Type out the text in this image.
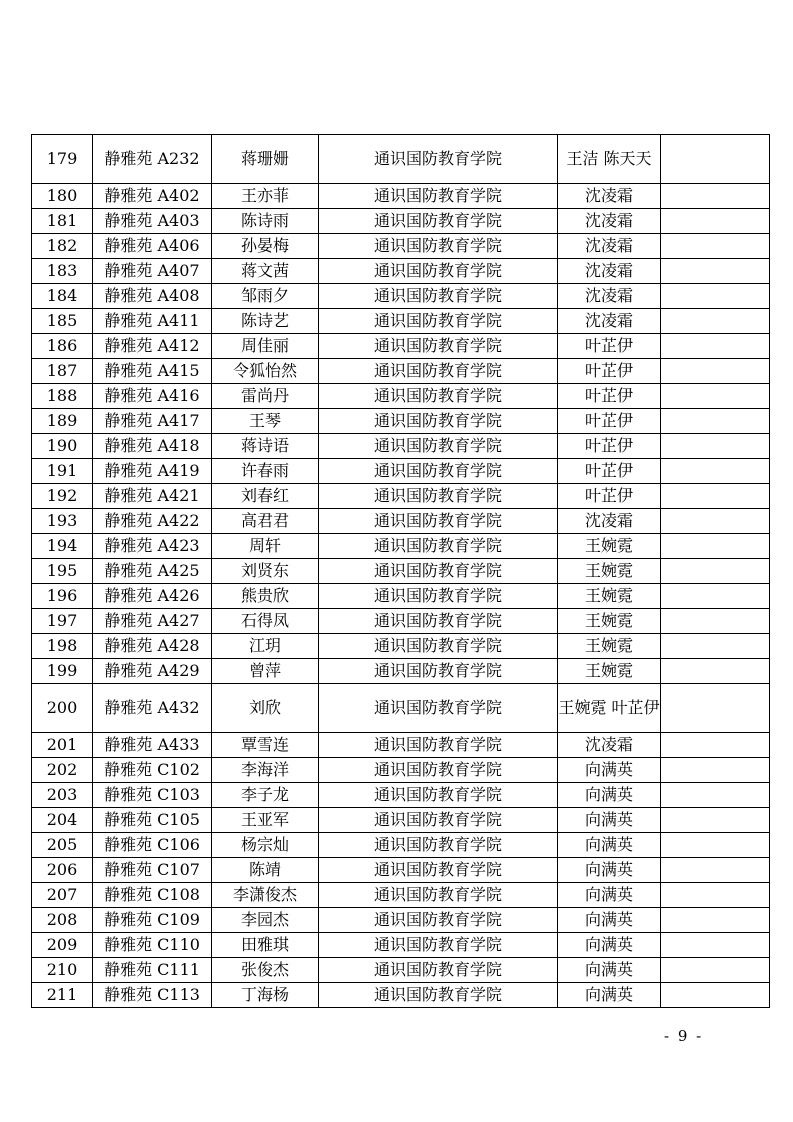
179	静雅苑 A232	蒋珊姗	通识国防教育学院	王洁 陈天天	
180	静雅苑 A402	王亦菲	通识国防教育学院	沈凌霜	
181	静雅苑 A403	陈诗雨	通识国防教育学院	沈凌霜	
182	静雅苑 A406	孙晏梅	通识国防教育学院	沈凌霜	
183	静雅苑 A407	蒋文茜	通识国防教育学院	沈凌霜	
184	静雅苑 A408	邹雨夕	通识国防教育学院	沈凌霜	
185	静雅苑 A411	陈诗艺	通识国防教育学院	沈凌霜	
186	静雅苑 A412	周佳丽	通识国防教育学院	叶芷伊	
187	静雅苑 A415	令狐怡然	通识国防教育学院	叶芷伊	
188	静雅苑 A416	雷尚丹	通识国防教育学院	叶芷伊	
189	静雅苑 A417	王琴	通识国防教育学院	叶芷伊	
190	静雅苑 A418	蒋诗语	通识国防教育学院	叶芷伊	
191	静雅苑 A419	许春雨	通识国防教育学院	叶芷伊	
192	静雅苑 A421	刘春红	通识国防教育学院	叶芷伊	
193	静雅苑 A422	高君君	通识国防教育学院	沈凌霜	
194	静雅苑 A423	周轩	通识国防教育学院	王婉霓	
195	静雅苑 A425	刘贤东	通识国防教育学院	王婉霓	
196	静雅苑 A426	熊贵欣	通识国防教育学院	王婉霓	
197	静雅苑 A427	石得凤	通识国防教育学院	王婉霓	
198	静雅苑 A428	江玥	通识国防教育学院	王婉霓	
199	静雅苑 A429	曾萍	通识国防教育学院	王婉霓	
200	静雅苑 A432	刘欣	通识国防教育学院	王婉霓 叶芷伊	
201	静雅苑 A433	覃雪连	通识国防教育学院	沈凌霜	
202	静雅苑 C102	李海洋	通识国防教育学院	向满英	
203	静雅苑 C103	李子龙	通识国防教育学院	向满英	
204	静雅苑 C105	王亚军	通识国防教育学院	向满英	
205	静雅苑 C106	杨宗灿	通识国防教育学院	向满英	
206	静雅苑 C107	陈靖	通识国防教育学院	向满英	
207	静雅苑 C108	李潇俊杰	通识国防教育学院	向满英	
208	静雅苑 C109	李园杰	通识国防教育学院	向满英	
209	静雅苑 C110	田雅琪	通识国防教育学院	向满英	
210	静雅苑 C111	张俊杰	通识国防教育学院	向满英	
211	静雅苑 C113	丁海杨	通识国防教育学院	向满英	
- 9 -
